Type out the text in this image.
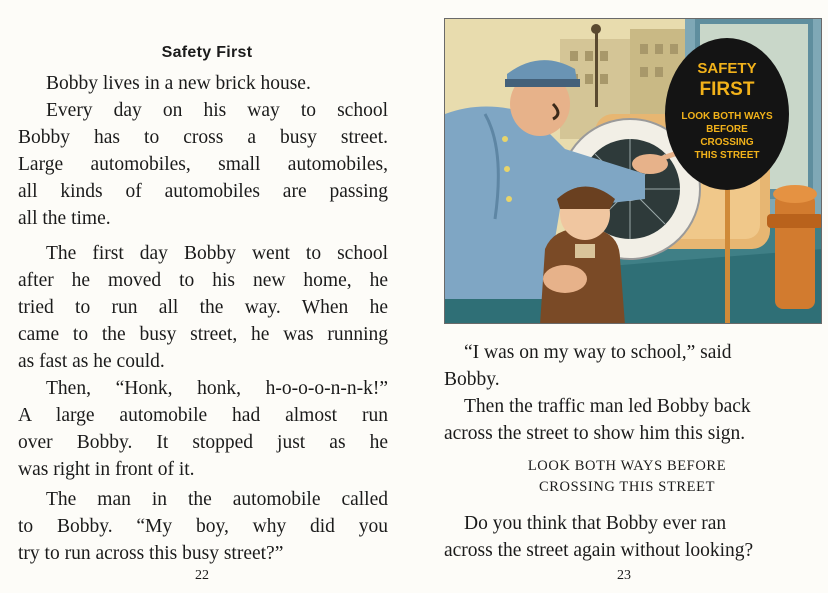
Safety First

Bobby lives in a new brick house.

Every day on his way to school
Bobby has to cross a busy street.
Large automobiles, small automobiles,
all kinds of automobiles are passing
all the time.

The first day Bobby went to school
after he moved to his new home, he
tried to run all the way. When he
came to the busy street, he was running
as fast as he could.

Then, “Honk, honk, h-o-o-o-n-n-k!”
A large automobile had almost run
over Bobby. It stopped just as he
was right in front of it.

The man in the automobile called
to Bobby. “My boy, why did you
try to run across this busy street?”

22
SAFETY
FIRST
LOOK BOTH WAYS
BEFORE
CROSSING
THIS STREET

“I was on my way to school,” said
Bobby.

Then the traffic man led Bobby back
across the street to show him this sign.

LOOK BOTH WAYS BEFORE
CROSSING THIS STREET

Do you think that Bobby ever ran
across the street again without looking?

23
